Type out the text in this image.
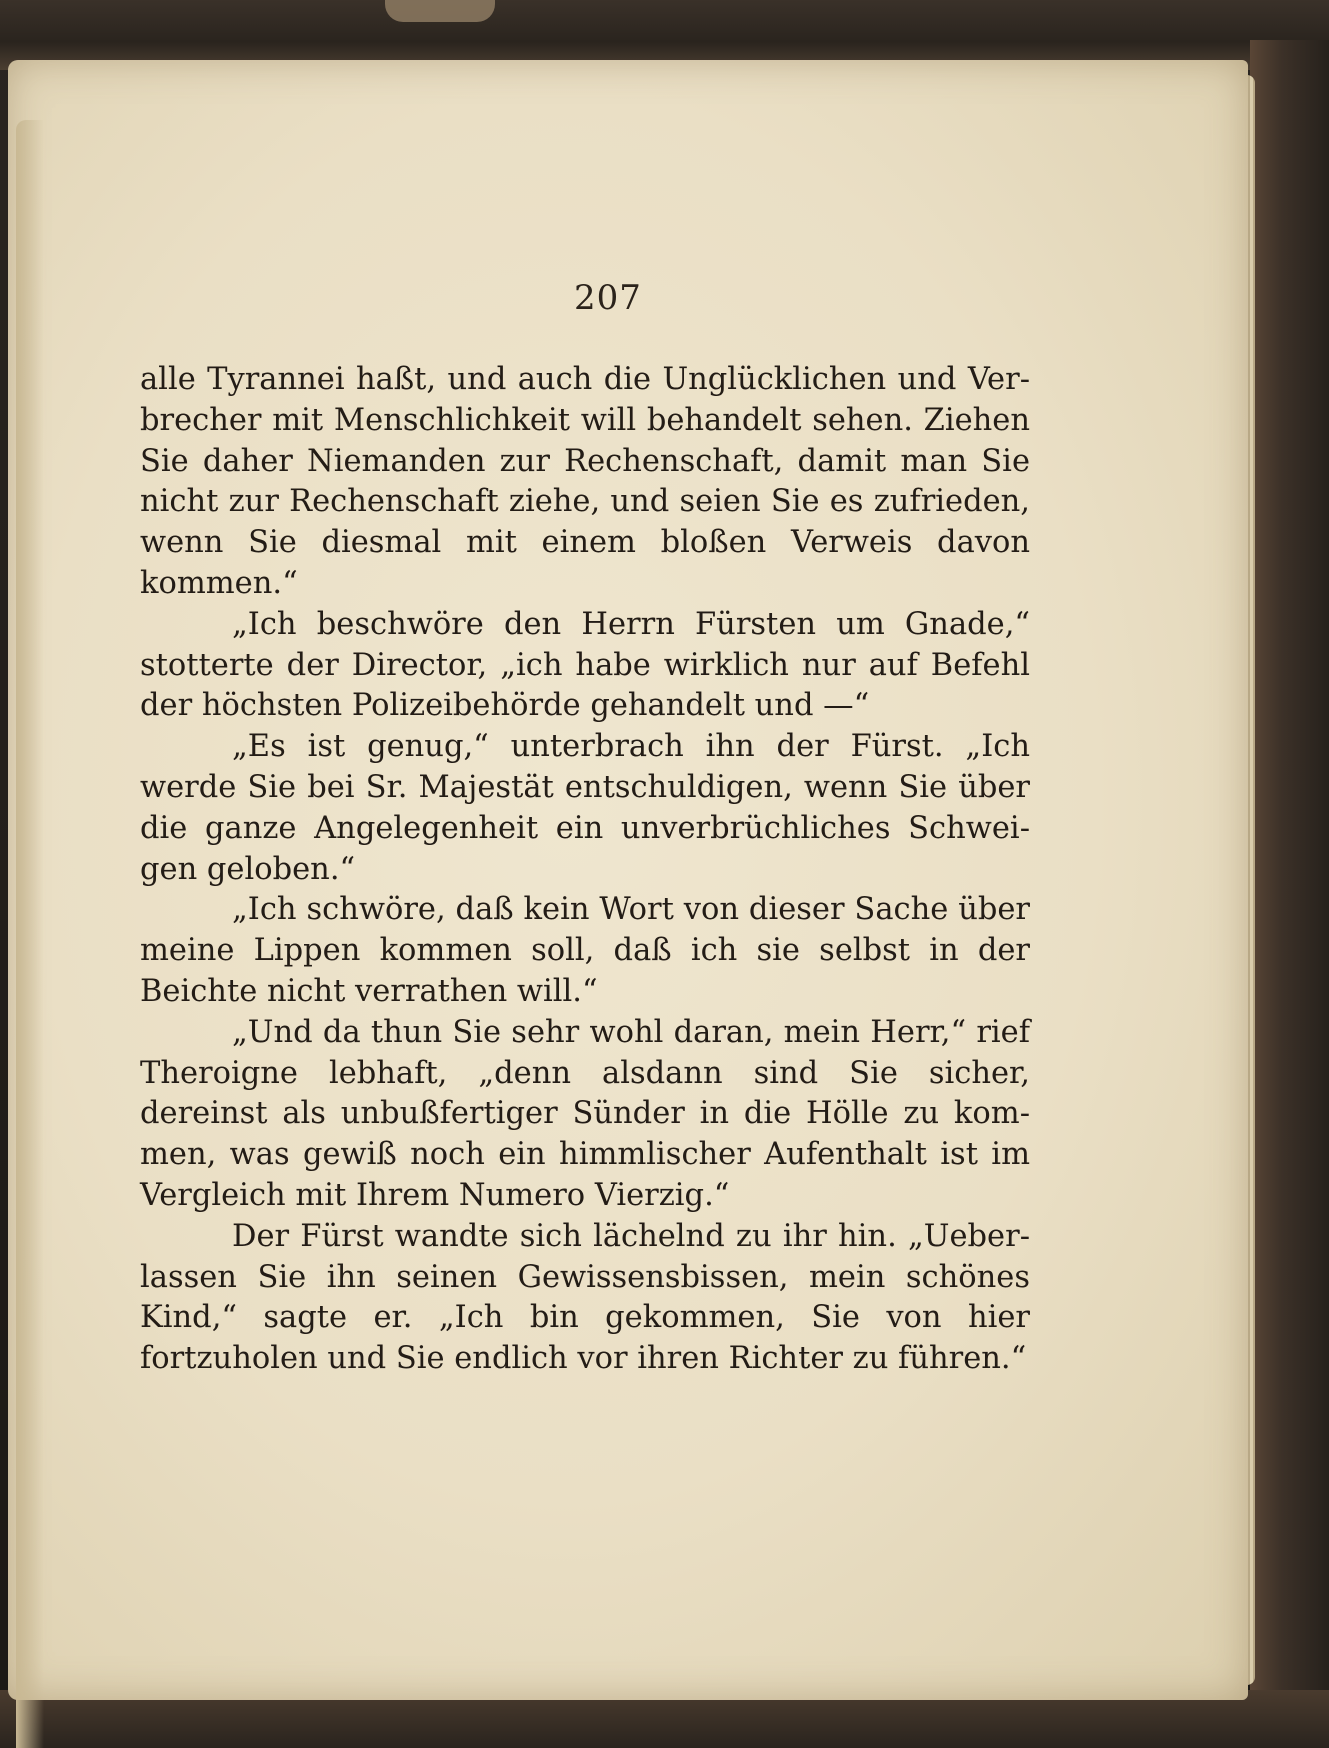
207

alle Tyrannei haßt, und auch die Unglücklichen und Verbrecher mit Menschlichkeit will behandelt sehen. Ziehen Sie daher Niemanden zur Rechenschaft, damit man Sie nicht zur Rechenschaft ziehe, und seien Sie es zufrieden, wenn Sie diesmal mit einem bloßen Verweis davon kommen.“

„Ich beschwöre den Herrn Fürsten um Gnade,“ stotterte der Director, „ich habe wirklich nur auf Befehl der höchsten Polizeibehörde gehandelt und —“

„Es ist genug,“ unterbrach ihn der Fürst. „Ich werde Sie bei Sr. Majestät entschuldigen, wenn Sie über die ganze Angelegenheit ein unverbrüchliches Schweigen geloben.“

„Ich schwöre, daß kein Wort von dieser Sache über meine Lippen kommen soll, daß ich sie selbst in der Beichte nicht verrathen will.“

„Und da thun Sie sehr wohl daran, mein Herr,“ rief Theroigne lebhaft, „denn alsdann sind Sie sicher, dereinst als unbußfertiger Sünder in die Hölle zu kommen, was gewiß noch ein himmlischer Aufenthalt ist im Vergleich mit Ihrem Numero Vierzig.“

Der Fürst wandte sich lächelnd zu ihr hin. „Ueberlassen Sie ihn seinen Gewissensbissen, mein schönes Kind,“ sagte er. „Ich bin gekommen, Sie von hier fortzuholen und Sie endlich vor ihren Richter zu führen.“
